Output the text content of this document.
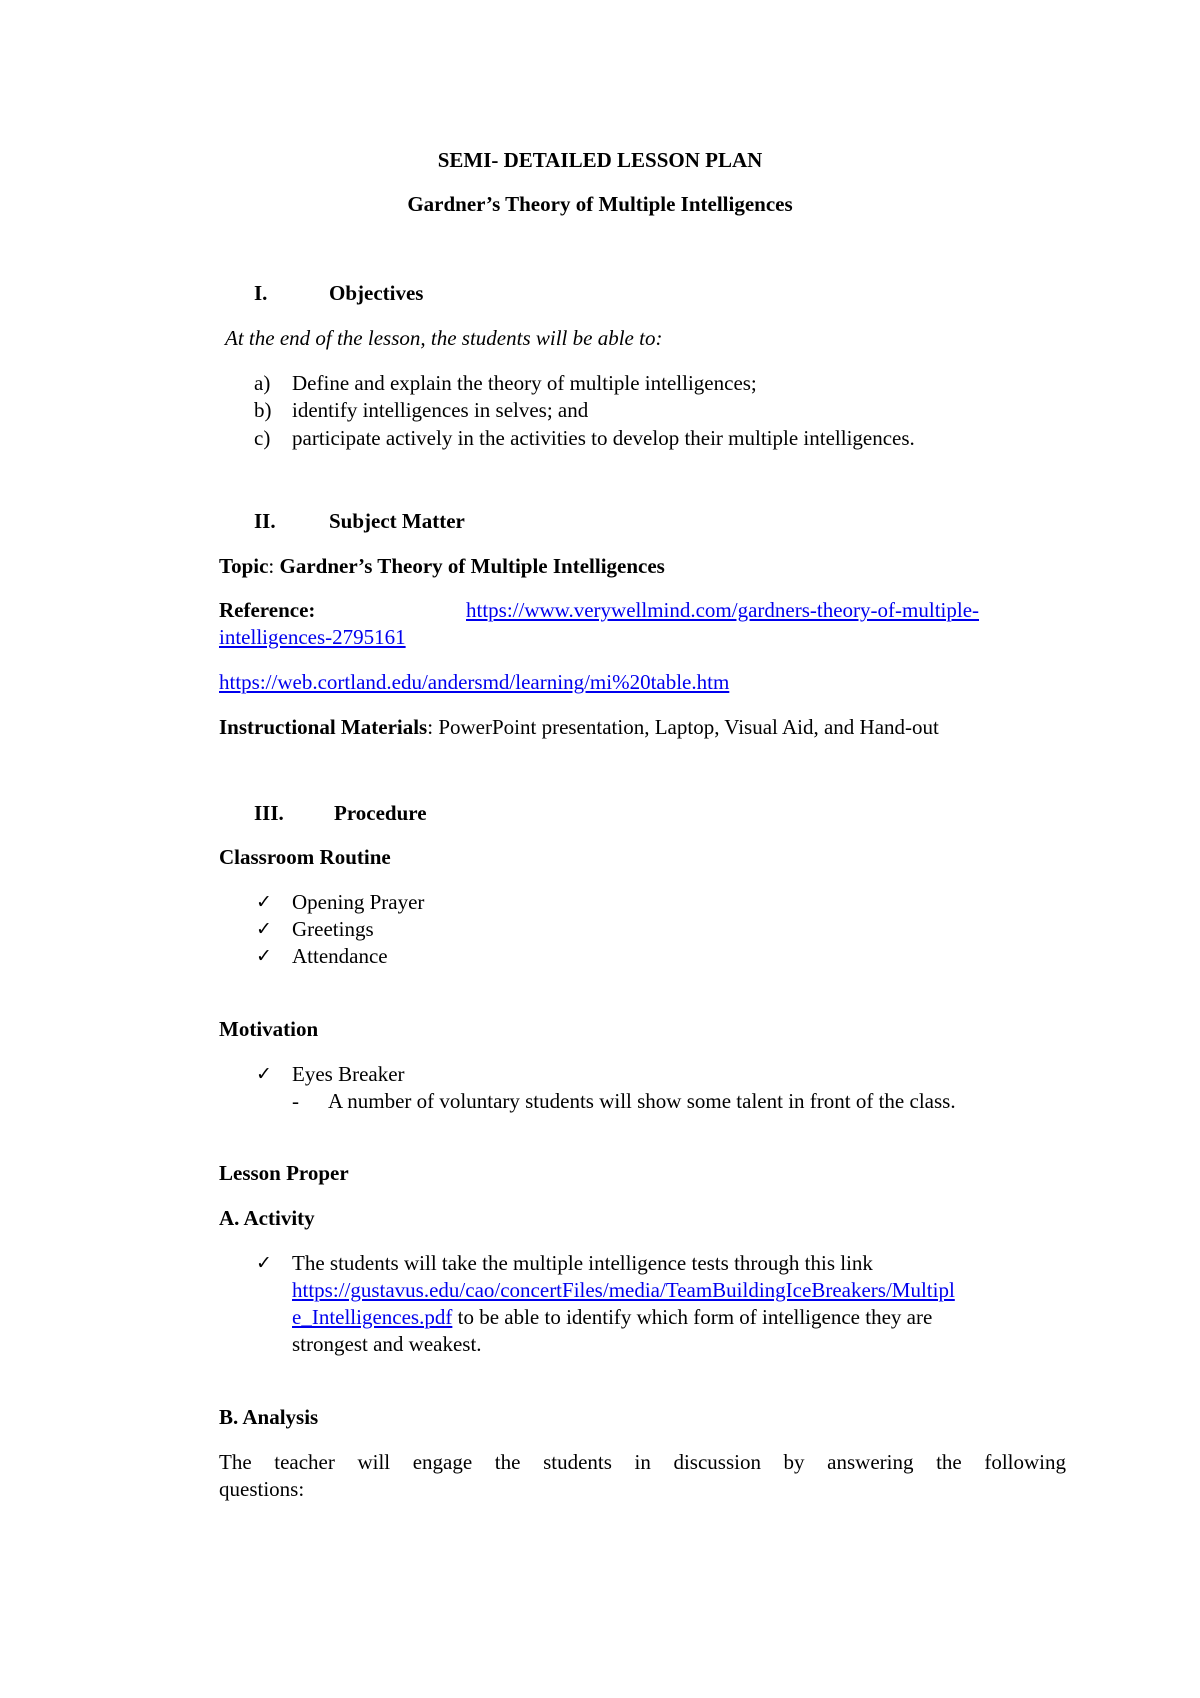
SEMI- DETAILED LESSON PLAN
Gardner’s Theory of Multiple Intelligences
I.	Objectives
At the end of the lesson, the students will be able to:
a) Define and explain the theory of multiple intelligences;
b) identify intelligences in selves; and
c) participate actively in the activities to develop their multiple intelligences.
II.	Subject Matter
Topic: Gardner’s Theory of Multiple Intelligences
Reference:	https://www.verywellmind.com/gardners-theory-of-multiple-
intelligences-2795161
https://web.cortland.edu/andersmd/learning/mi%20table.htm
Instructional Materials: PowerPoint presentation, Laptop, Visual Aid, and Hand-out
III. Procedure
Classroom Routine
✓ Opening Prayer
✓ Greetings
✓ Attendance
Motivation
✓ Eyes Breaker
- A number of voluntary students will show some talent in front of the class.
Lesson Proper
A. Activity
✓ The students will take the multiple intelligence tests through this link
https://gustavus.edu/cao/concertFiles/media/TeamBuildingIceBreakers/Multipl
e_Intelligences.pdf to be able to identify which form of intelligence they are
strongest and weakest.
B. Analysis
The teacher will engage the students in discussion by answering the following
questions:
